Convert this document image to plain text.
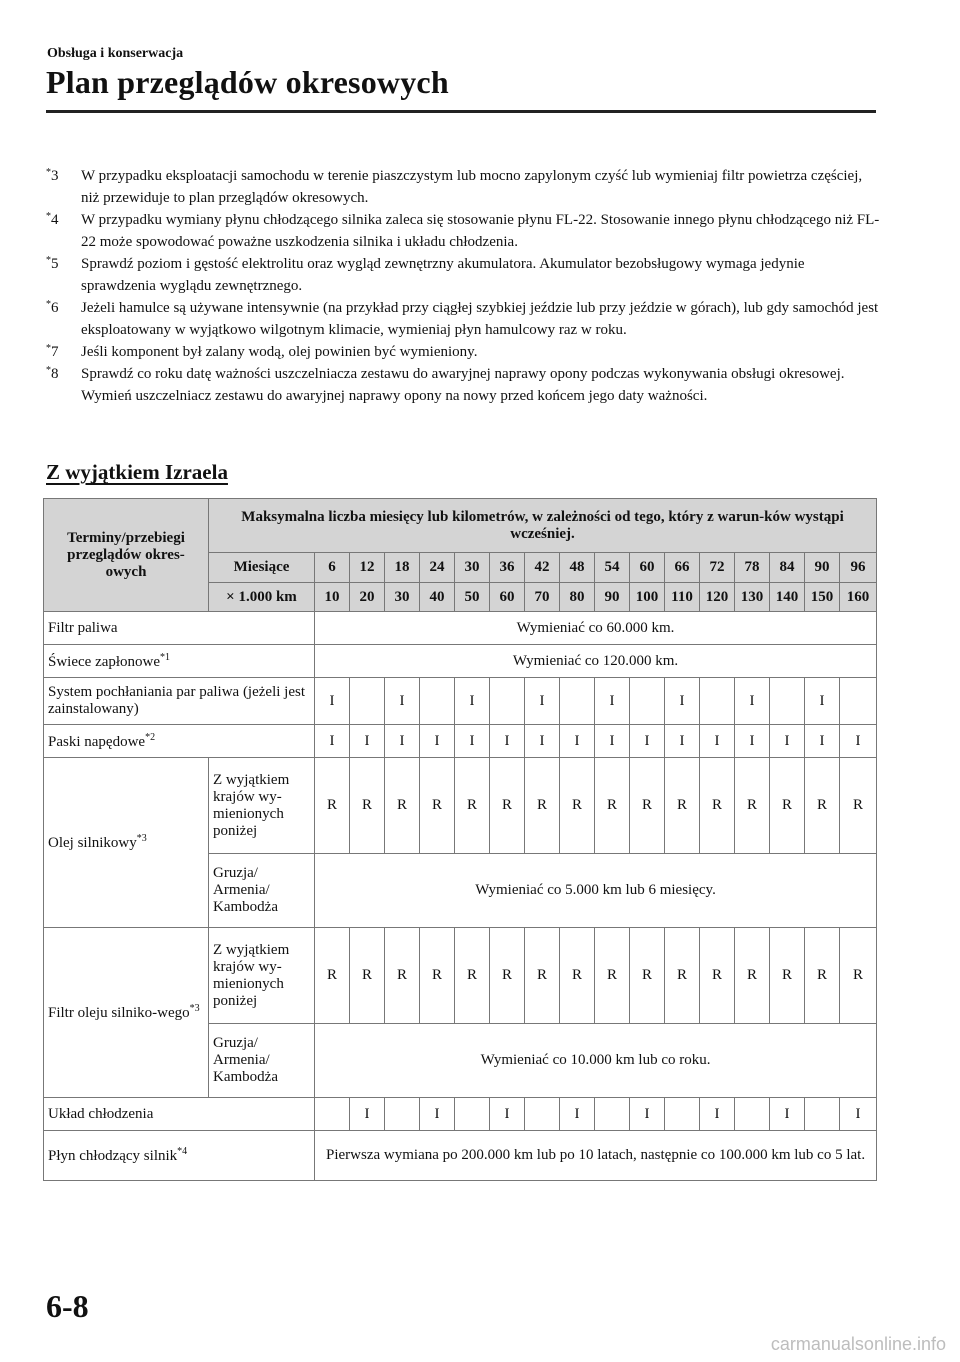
Obsługa i konserwacja
Plan przeglądów okresowych
*3 W przypadku eksploatacji samochodu w terenie piaszczystym lub mocno zapylonym czyść lub wymieniaj filtr powietrza częściej, niż przewiduje to plan przeglądów okresowych.
*4 W przypadku wymiany płynu chłodzącego silnika zaleca się stosowanie płynu FL-22. Stosowanie innego płynu chłodzącego niż FL-22 może spowodować poważne uszkodzenia silnika i układu chłodzenia.
*5 Sprawdź poziom i gęstość elektrolitu oraz wygląd zewnętrzny akumulatora. Akumulator bezobsługowy wymaga jedynie sprawdzenia wyglądu zewnętrznego.
*6 Jeżeli hamulce są używane intensywnie (na przykład przy ciągłej szybkiej jeździe lub przy jeździe w górach), lub gdy samochód jest eksploatowany w wyjątkowo wilgotnym klimacie, wymieniaj płyn hamulcowy raz w roku.
*7 Jeśli komponent był zalany wodą, olej powinien być wymieniony.
*8 Sprawdź co roku datę ważności uszczelniacza zestawu do awaryjnej naprawy opony podczas wykonywania obsługi okresowej. Wymień uszczelniacz zestawu do awaryjnej naprawy opony na nowy przed końcem jego daty ważności.
Z wyjątkiem Izraela
Terminy/przebiegi przeglądów okres-owych	Maksymalna liczba miesięcy lub kilometrów, w zależności od tego, który z warun-ków wystąpi wcześniej.																
	Miesiące	6	12	18	24	30	36	42	48	54	60	66	72	78	84	90	96
	× 1.000 km	10	20	30	40	50	60	70	80	90	100	110	120	130	140	150	160
Filtr paliwa		Wymieniać co 60.000 km.															
Świece zapłonowe$^{*1}$		Wymieniać co 120.000 km.															
System pochłaniania par paliwa (jeżeli jest zainstalowany)		I		I		I		I		I		I		I		I	
Paski napędowe$^{*2}$		I	I	I	I	I	I	I	I	I	I	I	I	I	I	I	I
Olej silnikowy$^{*3}$	Z wyjątkiem krajów wy-mienionych poniżej	R	R	R	R	R	R	R	R	R	R	R	R	R	R	R	R
	Gruzja/ Armenia/ Kambodża	Wymieniać co 5.000 km lub 6 miesięcy.															
Filtr oleju silniko-wego$^{*3}$	Z wyjątkiem krajów wy-mienionych poniżej	R	R	R	R	R	R	R	R	R	R	R	R	R	R	R	R
	Gruzja/ Armenia/ Kambodża	Wymieniać co 10.000 km lub co roku.															
Układ chłodzenia			I		I		I		I		I		I		I		I
Płyn chłodzący silnik$^{*4}$		Pierwsza wymiana po 200.000 km lub po 10 latach, następnie co 100.000 km lub co 5 lat.															
6-8
carmanualsonline.info
